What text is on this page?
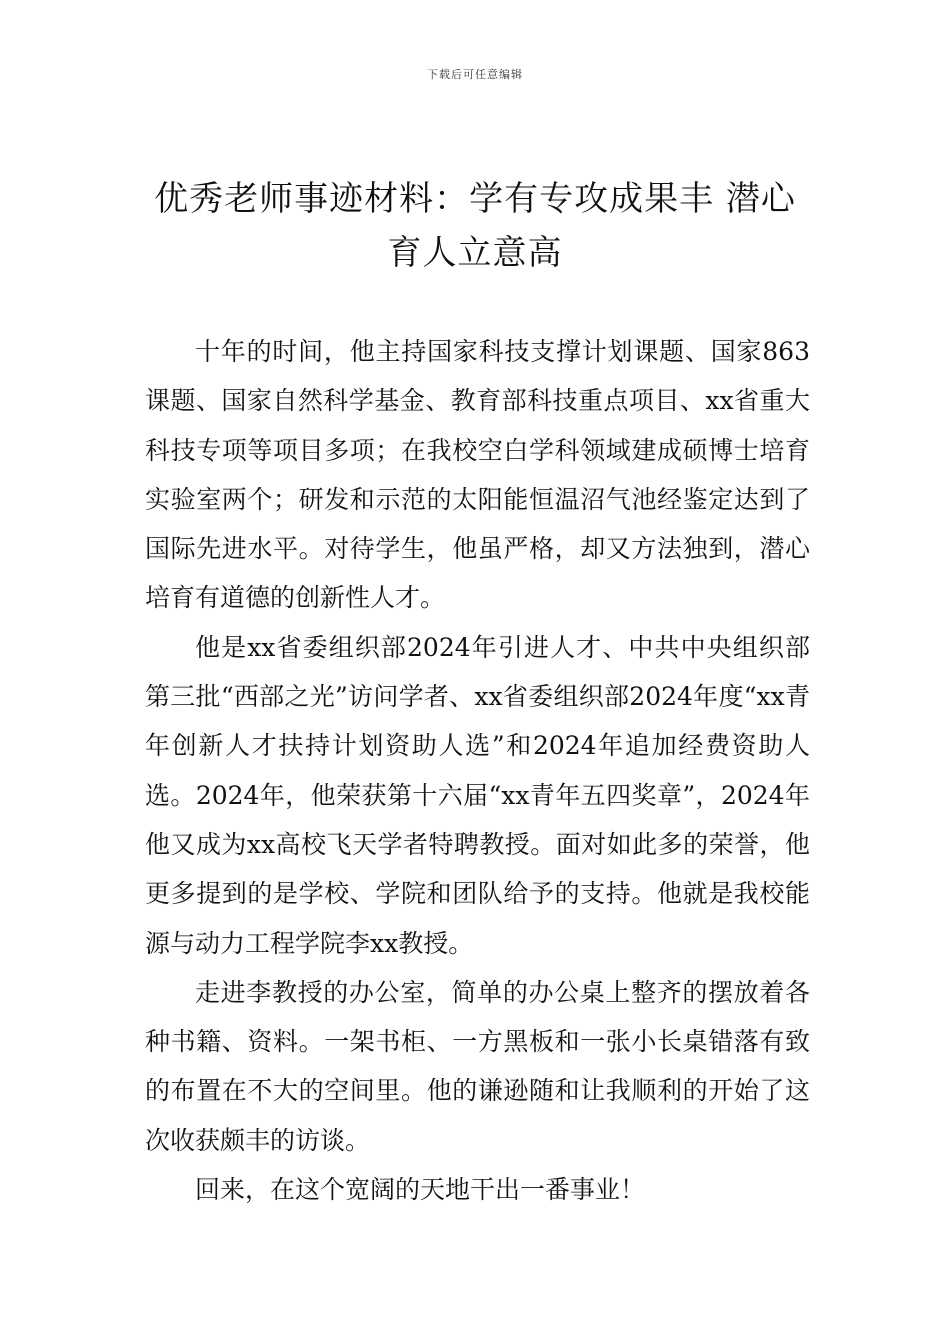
下载后可任意编辑
优秀老师事迹材料：学有专攻成果丰 潜心
育人立意高

十年的时间，他主持国家科技支撑计划课题、国家863课题、国家自然科学基金、教育部科技重点项目、xx省重大科技专项等项目多项；在我校空白学科领域建成硕博士培育实验室两个；研发和示范的太阳能恒温沼气池经鉴定达到了国际先进水平。对待学生，他虽严格，却又方法独到，潜心培育有道德的创新性人才。

他是xx省委组织部2024年引进人才、中共中央组织部第三批“西部之光”访问学者、xx省委组织部2024年度“xx青年创新人才扶持计划资助人选”和2024年追加经费资助人选。2024年，他荣获第十六届“xx青年五四奖章”，2024年他又成为xx高校飞天学者特聘教授。面对如此多的荣誉，他更多提到的是学校、学院和团队给予的支持。他就是我校能源与动力工程学院李xx教授。

走进李教授的办公室，简单的办公桌上整齐的摆放着各种书籍、资料。一架书柜、一方黑板和一张小长桌错落有致的布置在不大的空间里。他的谦逊随和让我顺利的开始了这次收获颇丰的访谈。

回来，在这个宽阔的天地干出一番事业！
